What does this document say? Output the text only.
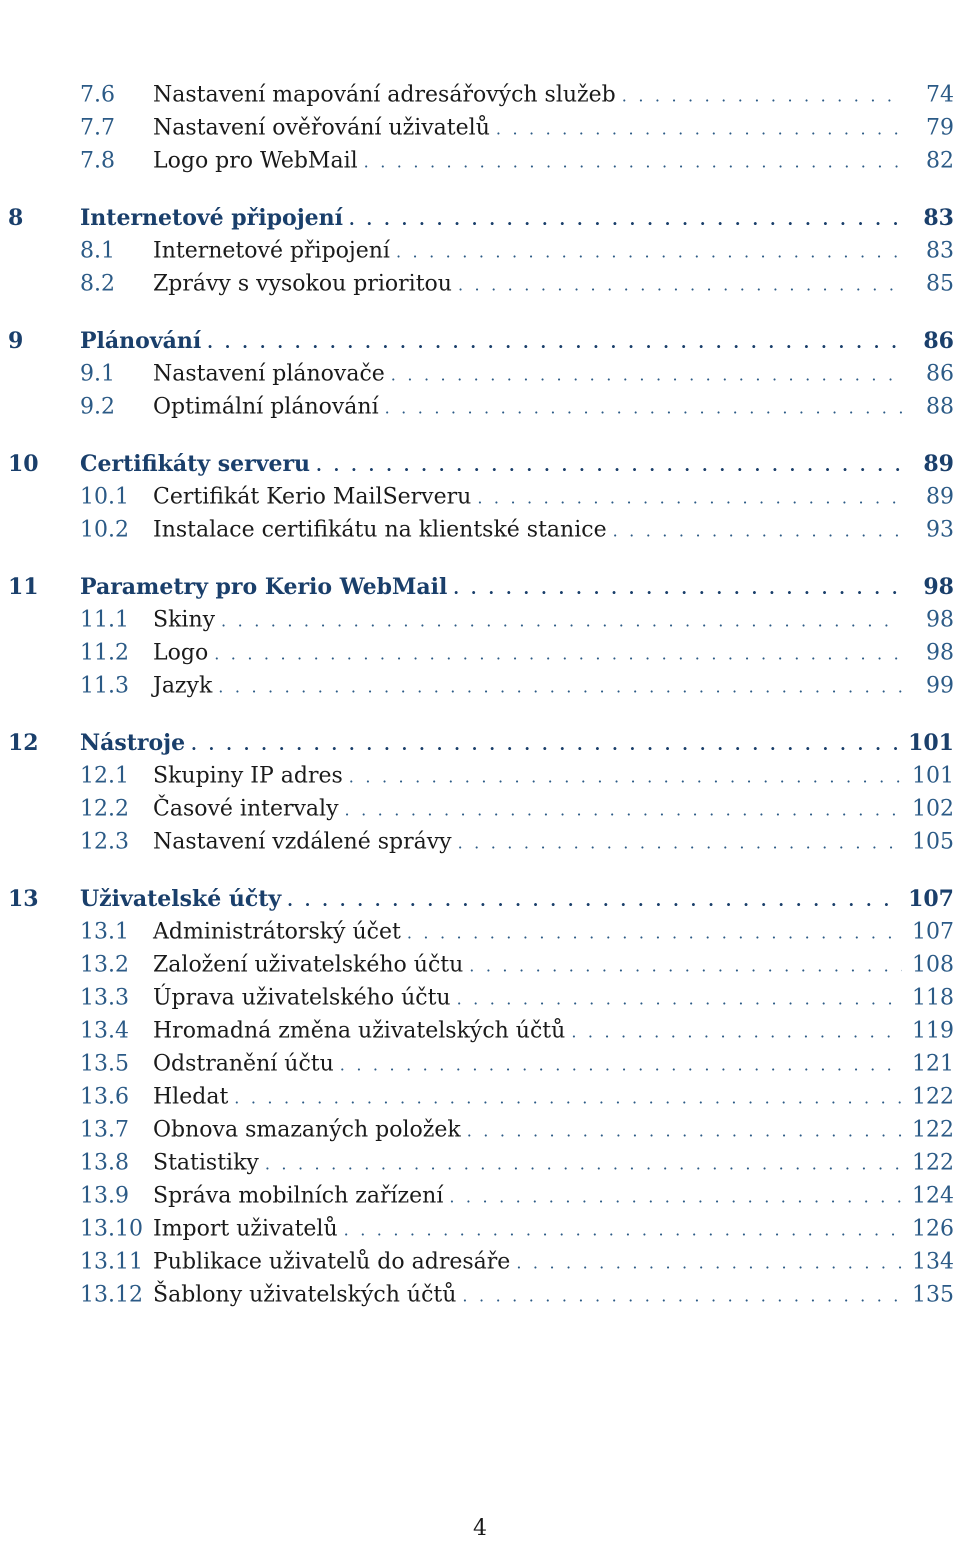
7.6 Nastavení mapování adresářových služeb . . .	74
7.7 Nastavení ověřování uživatelů . . .	79
7.8 Logo pro WebMail . . .	82
8	Internetové připojení . . .	83
8.1 Internetové připojení . . .	83
8.2 Zprávy s vysokou prioritou . . .	85
9	Plánování . . .	86
9.1 Nastavení plánovače . . .	86
9.2 Optimální plánování . . .	88
10 Certifikáty serveru . . .	89
10.1 Certifikát Kerio MailServeru . . .	89
10.2 Instalace certifikátu na klientské stanice . . .	93
11 Parametry pro Kerio WebMail . . .	98
11.1 Skiny . . .	98
11.2 Logo . . .	98
11.3 Jazyk . . .	99
12 Nástroje . . .	101
12.1 Skupiny IP adres . . .	101
12.2 Časové intervaly . . .	102
12.3 Nastavení vzdálené správy . . .	105
13 Uživatelské účty . . .	107
13.1 Administrátorský účet . . .	107
13.2 Založení uživatelského účtu . . .	108
13.3 Úprava uživatelského účtu . . .	118
13.4 Hromadná změna uživatelských účtů . . .	119
13.5 Odstranění účtu . . .	121
13.6 Hledat . . .	122
13.7 Obnova smazaných položek . . .	122
13.8 Statistiky . . .	122
13.9 Správa mobilních zařízení . . .	124
13.10 Import uživatelů . . .	126
13.11 Publikace uživatelů do adresáře . . .	134
13.12 Šablony uživatelských účtů . . .	135
4
